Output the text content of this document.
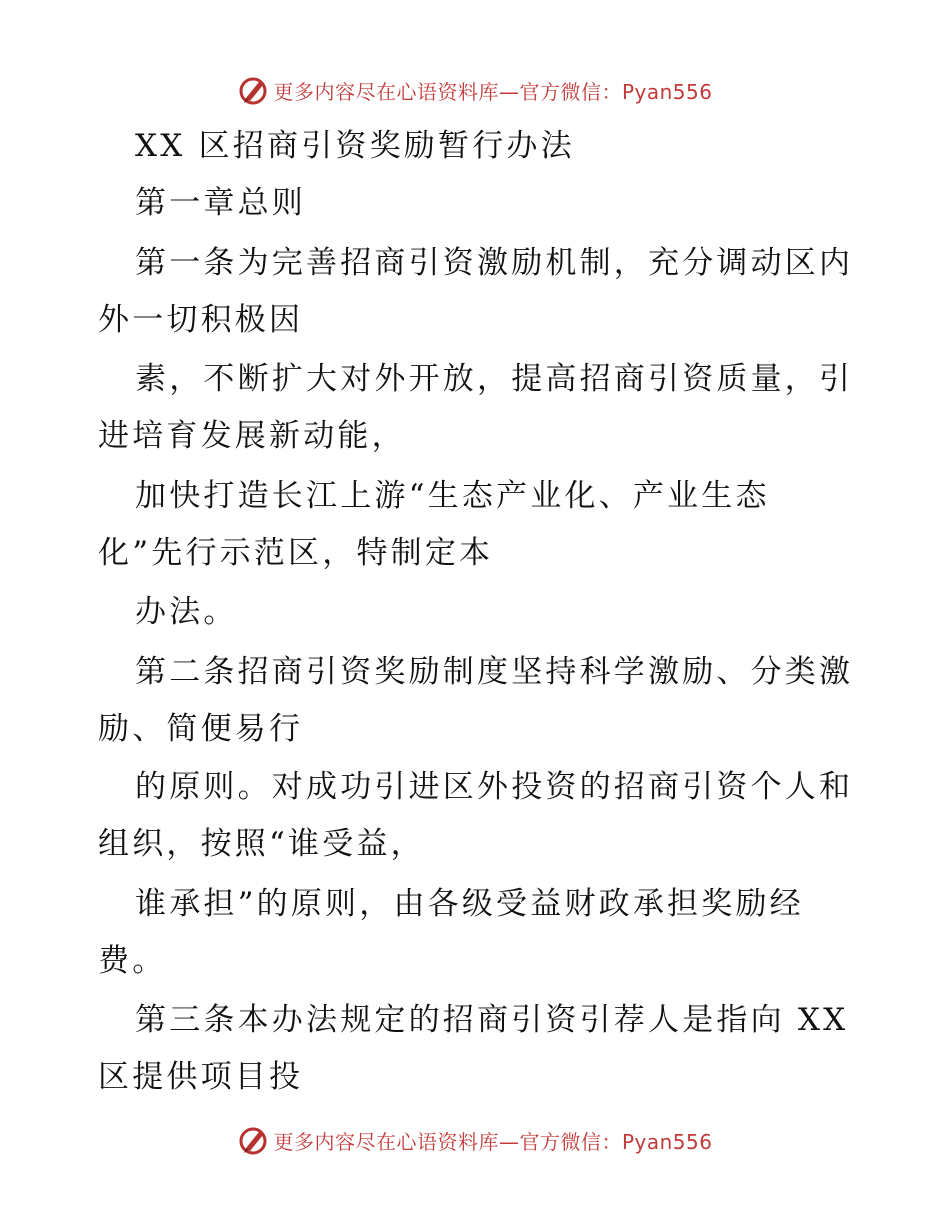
更多内容尽在心语资料库—官方微信：Pyan556
XX 区招商引资奖励暂行办法
第一章总则
第一条为完善招商引资激励机制，充分调动区内
外一切积极因
素，不断扩大对外开放，提高招商引资质量，引
进培育发展新动能，
加快打造长江上游“生态产业化、产业生态
化”先行示范区，特制定本
办法。
第二条招商引资奖励制度坚持科学激励、分类激
励、简便易行
的原则。对成功引进区外投资的招商引资个人和
组织，按照“谁受益，
谁承担”的原则，由各级受益财政承担奖励经
费。
第三条本办法规定的招商引资引荐人是指向 XX
区提供项目投
更多内容尽在心语资料库—官方微信：Pyan556
